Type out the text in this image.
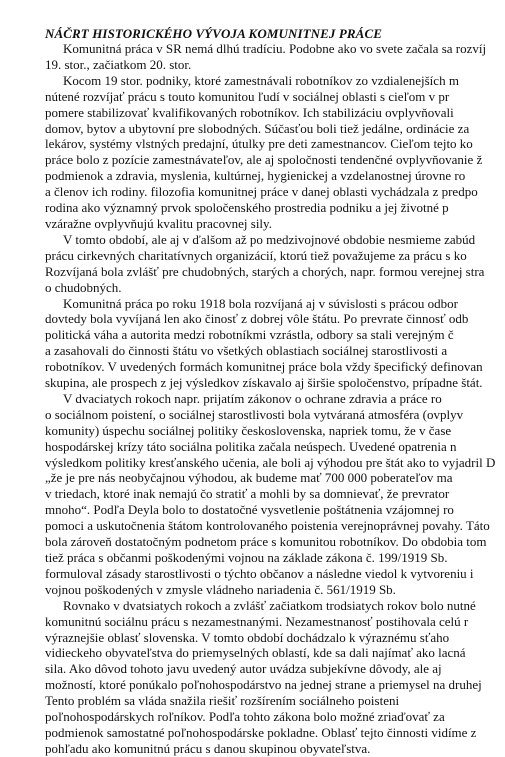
NÁČRT HISTORICKÉHO VÝVOJA KOMUNITNEJ PRÁCE

Komunitná práca v SR nemá dlhú tradíciu. Podobne ako vo svete začala sa rozvíj

19. stor., začiatkom 20. stor.

Kocom 19 stor. podniky, ktoré zamestnávali robotníkov zo vzdialenejších m

nútené rozvíjať prácu s touto komunitou ľudí v sociálnej oblasti s cieľom v pr

pomere stabilizovať kvalifikovaných robotníkov. Ich stabilizáciu ovplyvňovali

domov, bytov a ubytovní pre slobodných. Súčasťou boli tiež jedálne, ordinácie za

lekárov, systémy vlstných predajní, útulky pre deti zamestnancov. Cieľom tejto ko

práce bolo z pozície zamestnávateľov, ale aj spoločnosti tendenčné ovplyvňovanie ž

podmienok a zdravia, myslenia, kultúrnej, hygienickej a vzdelanostnej úrovne ro

a členov ich rodiny. filozofia komunitnej práce v danej oblasti vychádzala z predpo

rodina ako významný prvok spoločenského prostredia podniku a jej životné p

vzáražne ovplyvňujú kvalitu pracovnej sily.

V tomto období, ale aj v ďalšom až po medzivojnové obdobie nesmieme zabúd

prácu cirkevných charitatívnych organizácií, ktorú tiež považujeme za prácu s ko

Rozvíjaná bola zvlášť pre chudobných, starých a chorých, napr. formou verejnej stra

o chudobných.

Komunitná práca po roku 1918 bola rozvíjaná aj v súvislosti s prácou odbor

dovtedy bola vyvíjaná len ako činosť z dobrej vôle štátu. Po prevrate činnosť odb

politická váha a autorita medzi robotníkmi vzrástla, odbory sa stali verejným č

a zasahovali do činnosti štátu vo všetkých oblastiach sociálnej starostlivosti a

robotníkov. V uvedených formách komunitnej práce bola vždy špecifický definovan

skupina, ale prospech z jej výsledkov získavalo aj širšie spoločenstvo, prípadne štát.

V dvaciatych rokoch napr. prijatím zákonov o ochrane zdravia a práce ro

o sociálnom poistení, o sociálnej starostlivosti bola vytváraná atmosféra (ovplyv

komunity) úspechu sociálnej politiky československa, napriek tomu, že v čase

hospodárskej krízy táto sociálna politika začala neúspech. Uvedené opatrenia n

výsledkom politiky kresťanského učenia, ale boli aj výhodou pre štát ako to vyjadril D

„že je pre nás neobyčajnou výhodou, ak budeme mať 700 000 poberateľov ma

v triedach, ktoré inak nemajú čo stratiť a mohli by sa domnievať, že prevrator

mnoho“. Podľa Deyla bolo to dostatočné vysvetlenie poštátnenia vzájomnej ro

pomoci a uskutočnenia štátom kontrolovaného poistenia verejnoprávnej povahy. Táto

bola zároveň dostatočným podnetom práce s komunitou robotníkov. Do obdobia tom

tiež práca s občanmi poškodenými vojnou na základe zákona č. 199/1919 Sb.

formuloval zásady starostlivosti o týchto občanov a následne viedol k vytvoreniu i

vojnou poškodených v zmysle vládneho nariadenia č. 561/1919 Sb.

Rovnako v dvatsiatych rokoch a zvlášť začiatkom trodsiatych rokov bolo nutné

komunitnú sociálnu prácu s nezamestnanými. Nezamestnanosť postihovala celú r

výraznejšie oblasť slovenska. V tomto období dochádzalo k výraznému sťaho

vidieckeho obyvateľstva do priemyselných oblastí, kde sa dali najímať ako lacná

sila. Ako dôvod tohoto javu uvedený autor uvádza subjekívne dôvody, ale aj

možností, ktoré ponúkalo poľnohospodárstvo na jednej strane a priemysel na druhej

Tento problém sa vláda snažila riešiť rozšírením sociálneho poisteni

poľnohospodárskych roľníkov. Podľa tohto zákona bolo možné zriaďovať za

podmienok samostatné poľnohospodárske pokladne. Oblasť tejto činnosti vidíme z

pohľadu ako komunitnú prácu s danou skupinou obyvateľstva.
